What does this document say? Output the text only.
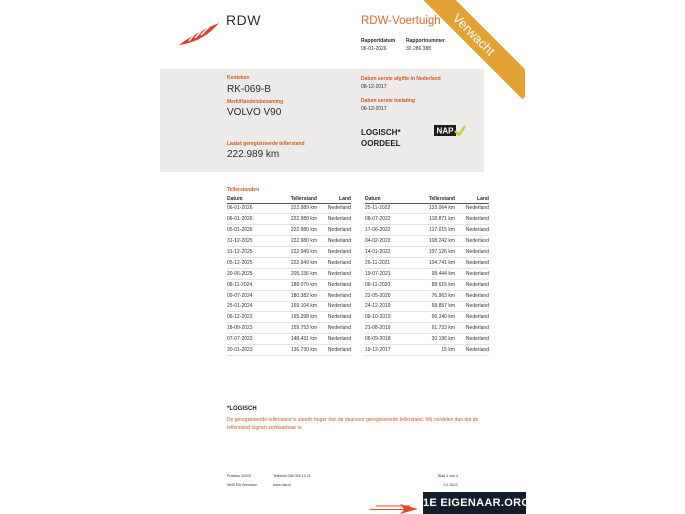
RDW	RDW-Voertuigh
Rapportdatum
06-01-2026
Rapportnummer
30.286.388
Kenteken
RK-069-B
Merk/Handelsbenaming
VOLVO V90
Laatst geregistreerde tellerstand
222.989 km
Datum eerste afgifte in Nederland
08-12-2017
Datum eerste toelating
06-12-2017
LOGISCH*
OORDEEL
NAP
Tellerstanden
Datum	Tellerstand	Land
06-01-2026	222.989 km	Nederland
06-01-2026	222.980 km	Nederland
05-01-2026	222.980 km	Nederland
31-12-2025	222.980 km	Nederland
31-12-2025	222.949 km	Nederland
05-12-2025	222.949 km	Nederland
20-06-2025	205.136 km	Nederland
08-11-2024	188.070 km	Nederland
09-07-2024	180.382 km	Nederland
25-01-2024	169.104 km	Nederland
06-12-2023	165.398 km	Nederland
18-09-2023	159.753 km	Nederland
07-07-2023	148.431 km	Nederland
20-01-2023	136.730 km	Nederland
Datum	Tellerstand	Land
25-11-2022	133.064 km	Nederland
08-07-2022	118.871 km	Nederland
17-06-2022	117.015 km	Nederland
04-02-2022	108.242 km	Nederland
14-01-2022	107.126 km	Nederland
26-11-2021	104.741 km	Nederland
19-07-2021	98.444 km	Nederland
06-11-2020	88.615 km	Nederland
22-05-2020	76.963 km	Nederland
24-12-2019	68.857 km	Nederland
09-10-2019	66.340 km	Nederland
21-08-2019	61.733 km	Nederland
06-09-2018	30.196 km	Nederland
19-12-2017	15 km	Nederland
*LOGISCH
De geregistreerde tellerstand is steeds hoger dan de daarvoor geregistreerde tellerstand. Wij oordelen dan dat de tellerstand logisch verklaarbaar is.
Postbus 30000
9640 RA Veendam
Telefoon 088 008 14 41
www.rdw.nl
Blad 1 van 4
3.0.16/12
Verwacht
1E EIGENAAR.ORG. NL
